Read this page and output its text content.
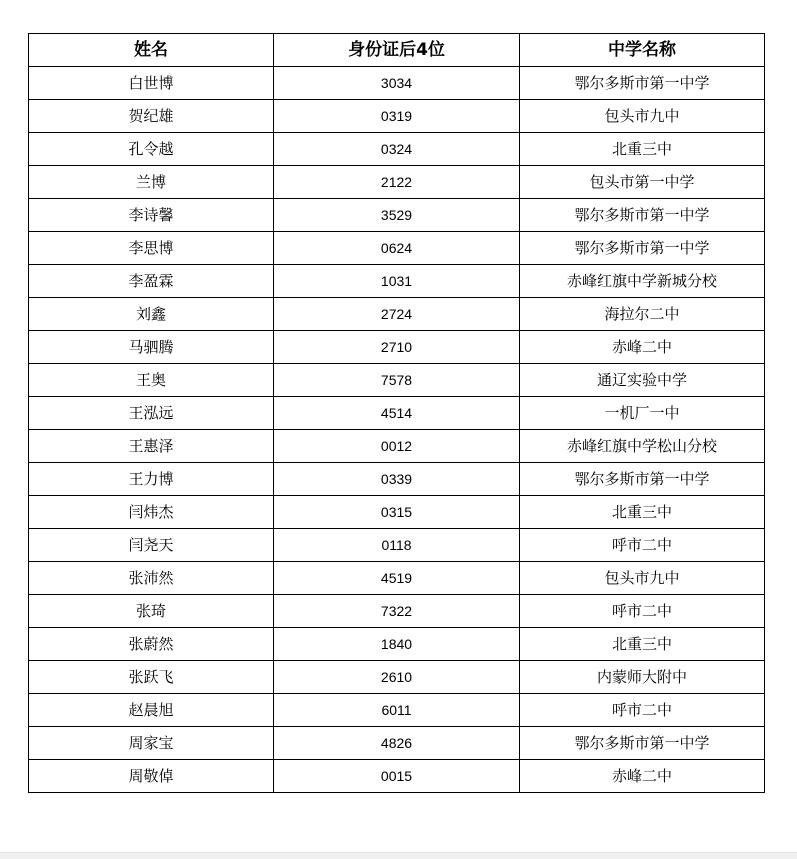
姓名	身份证后4位	中学名称
白世博	3034	鄂尔多斯市第一中学
贺纪雄	0319	包头市九中
孔令越	0324	北重三中
兰博	2122	包头市第一中学
李诗馨	3529	鄂尔多斯市第一中学
李思博	0624	鄂尔多斯市第一中学
李盈霖	1031	赤峰红旗中学新城分校
刘鑫	2724	海拉尔二中
马驷腾	2710	赤峰二中
王奥	7578	通辽实验中学
王泓远	4514	一机厂一中
王惠泽	0012	赤峰红旗中学松山分校
王力博	0339	鄂尔多斯市第一中学
闫炜杰	0315	北重三中
闫尧天	0118	呼市二中
张沛然	4519	包头市九中
张琦	7322	呼市二中
张蔚然	1840	北重三中
张跃飞	2610	内蒙师大附中
赵晨旭	6011	呼市二中
周家宝	4826	鄂尔多斯市第一中学
周敬倬	0015	赤峰二中
